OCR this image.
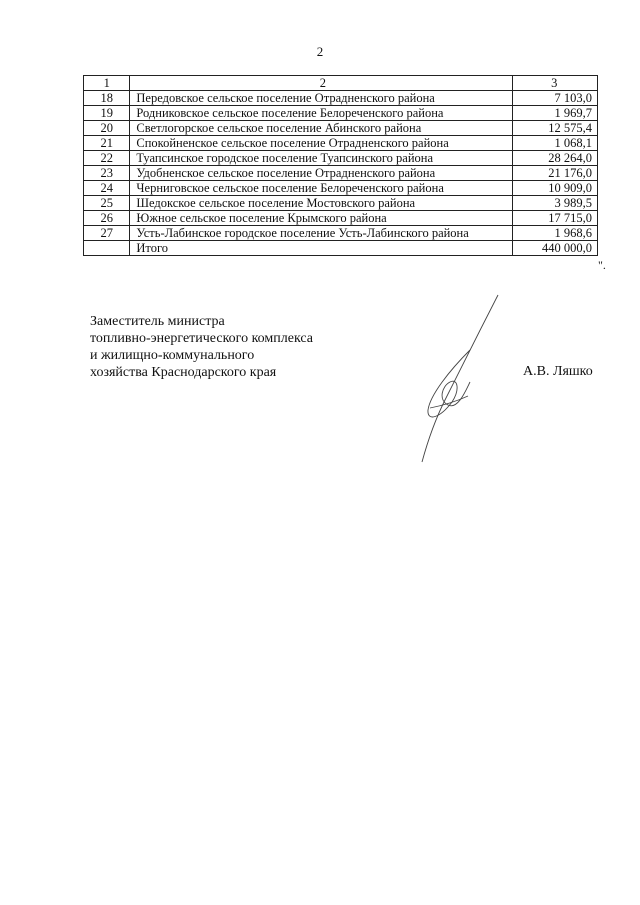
2
1	2	3
18	Передовское сельское поселение Отрадненского района	7 103,0
19	Родниковское сельское поселение Белореченского района	1 969,7
20	Светлогорское сельское поселение Абинского района	12 575,4
21	Спокойненское сельское поселение Отрадненского района	1 068,1
22	Туапсинское городское поселение Туапсинского района	28 264,0
23	Удобненское сельское поселение Отрадненского района	21 176,0
24	Черниговское сельское поселение Белореченского района	10 909,0
25	Шедокское сельское поселение Мостовского района	3 989,5
26	Южное сельское поселение Крымского района	17 715,0
27	Усть-Лабинское городское поселение Усть-Лабинского района	1 968,6
	Итого	440 000,0
".
Заместитель министра
топливно-энергетического комплекса
и жилищно-коммунального
хозяйства Краснодарского края	А.В. Ляшко
